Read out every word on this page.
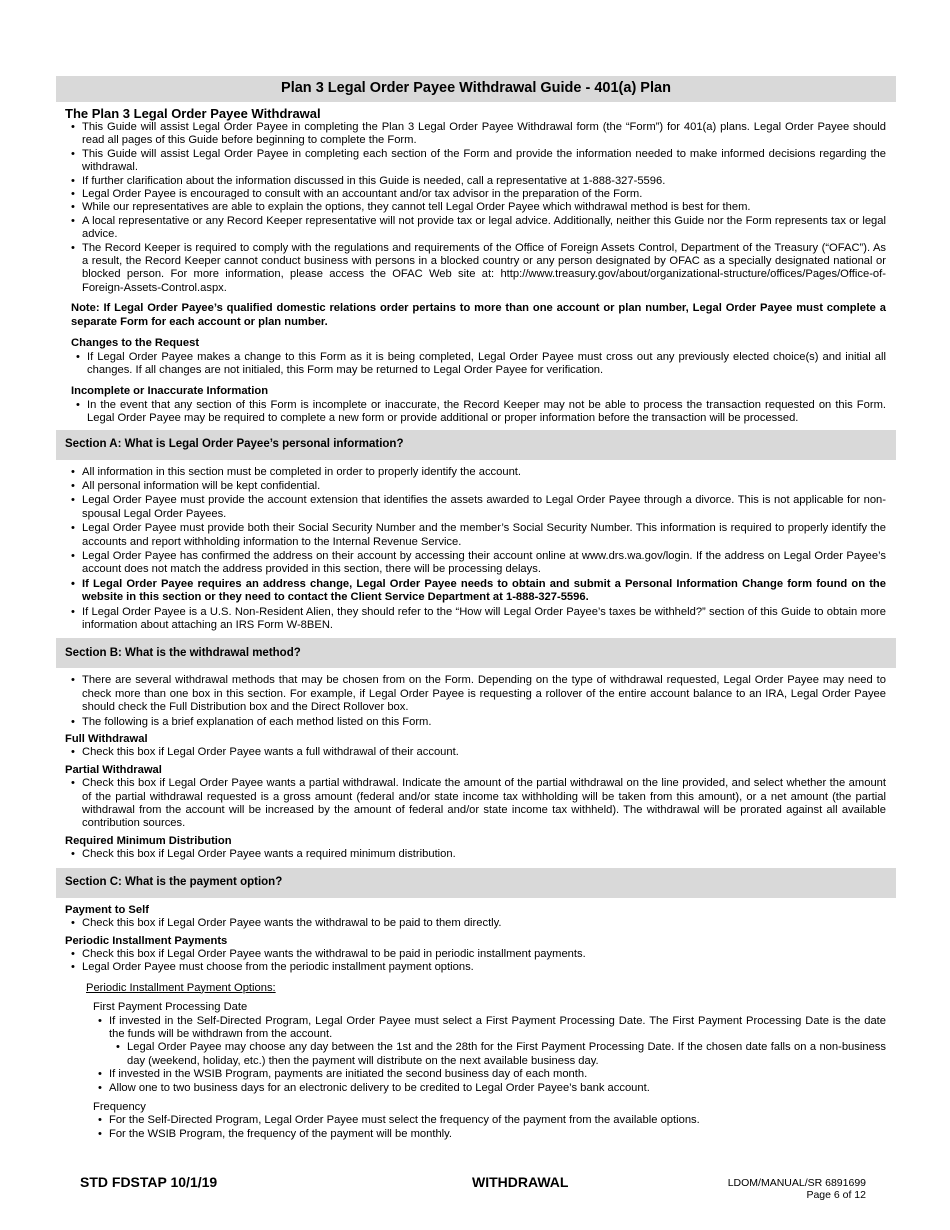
Plan 3 Legal Order Payee Withdrawal Guide - 401(a) Plan
The Plan 3 Legal Order Payee Withdrawal
• This Guide will assist Legal Order Payee in completing the Plan 3 Legal Order Payee Withdrawal form (the “Form”) for 401(a) plans. Legal Order Payee should read all pages of this Guide before beginning to complete the Form.
• This Guide will assist Legal Order Payee in completing each section of the Form and provide the information needed to make informed decisions regarding the withdrawal.
• If further clarification about the information discussed in this Guide is needed, call a representative at 1-888-327-5596.
• Legal Order Payee is encouraged to consult with an accountant and/or tax advisor in the preparation of the Form.
• While our representatives are able to explain the options, they cannot tell Legal Order Payee which withdrawal method is best for them.
• A local representative or any Record Keeper representative will not provide tax or legal advice. Additionally, neither this Guide nor the Form represents tax or legal advice.
• The Record Keeper is required to comply with the regulations and requirements of the Office of Foreign Assets Control, Department of the Treasury (“OFAC”). As a result, the Record Keeper cannot conduct business with persons in a blocked country or any person designated by OFAC as a specially designated national or blocked person. For more information, please access the OFAC Web site at: http://www.treasury.gov/about/organizational-structure/offices/Pages/Office-of-Foreign-Assets-Control.aspx.
Note: If Legal Order Payee’s qualified domestic relations order pertains to more than one account or plan number, Legal Order Payee must complete a separate Form for each account or plan number.
Changes to the Request
• If Legal Order Payee makes a change to this Form as it is being completed, Legal Order Payee must cross out any previously elected choice(s) and initial all changes. If all changes are not initialed, this Form may be returned to Legal Order Payee for verification.
Incomplete or Inaccurate Information
• In the event that any section of this Form is incomplete or inaccurate, the Record Keeper may not be able to process the transaction requested on this Form. Legal Order Payee may be required to complete a new form or provide additional or proper information before the transaction will be processed.
Section A: What is Legal Order Payee’s personal information?
• All information in this section must be completed in order to properly identify the account.
• All personal information will be kept confidential.
• Legal Order Payee must provide the account extension that identifies the assets awarded to Legal Order Payee through a divorce. This is not applicable for non-spousal Legal Order Payees.
• Legal Order Payee must provide both their Social Security Number and the member’s Social Security Number. This information is required to properly identify the accounts and report withholding information to the Internal Revenue Service.
• Legal Order Payee has confirmed the address on their account by accessing their account online at www.drs.wa.gov/login. If the address on Legal Order Payee’s account does not match the address provided in this section, there will be processing delays.
• If Legal Order Payee requires an address change, Legal Order Payee needs to obtain and submit a Personal Information Change form found on the website in this section or they need to contact the Client Service Department at 1-888-327-5596.
• If Legal Order Payee is a U.S. Non-Resident Alien, they should refer to the “How will Legal Order Payee’s taxes be withheld?” section of this Guide to obtain more information about attaching an IRS Form W-8BEN.
Section B: What is the withdrawal method?
• There are several withdrawal methods that may be chosen from on the Form. Depending on the type of withdrawal requested, Legal Order Payee may need to check more than one box in this section. For example, if Legal Order Payee is requesting a rollover of the entire account balance to an IRA, Legal Order Payee should check the Full Distribution box and the Direct Rollover box.
• The following is a brief explanation of each method listed on this Form.
Full Withdrawal
• Check this box if Legal Order Payee wants a full withdrawal of their account.
Partial Withdrawal
• Check this box if Legal Order Payee wants a partial withdrawal. Indicate the amount of the partial withdrawal on the line provided, and select whether the amount of the partial withdrawal requested is a gross amount (federal and/or state income tax withholding will be taken from this amount), or a net amount (the partial withdrawal from the account will be increased by the amount of federal and/or state income tax withheld). The withdrawal will be prorated against all available contribution sources.
Required Minimum Distribution
• Check this box if Legal Order Payee wants a required minimum distribution.
Section C: What is the payment option?
Payment to Self
• Check this box if Legal Order Payee wants the withdrawal to be paid to them directly.
Periodic Installment Payments
• Check this box if Legal Order Payee wants the withdrawal to be paid in periodic installment payments.
• Legal Order Payee must choose from the periodic installment payment options.
Periodic Installment Payment Options:
First Payment Processing Date
• If invested in the Self-Directed Program, Legal Order Payee must select a First Payment Processing Date. The First Payment Processing Date is the date the funds will be withdrawn from the account.
• Legal Order Payee may choose any day between the 1st and the 28th for the First Payment Processing Date. If the chosen date falls on a non-business day (weekend, holiday, etc.) then the payment will distribute on the next available business day.
• If invested in the WSIB Program, payments are initiated the second business day of each month.
• Allow one to two business days for an electronic delivery to be credited to Legal Order Payee’s bank account.
Frequency
• For the Self-Directed Program, Legal Order Payee must select the frequency of the payment from the available options.
• For the WSIB Program, the frequency of the payment will be monthly.
STD FDSTAP 10/1/19	WITHDRAWAL	LDOM/MANUAL/SR 6891699
Page 6 of 12
